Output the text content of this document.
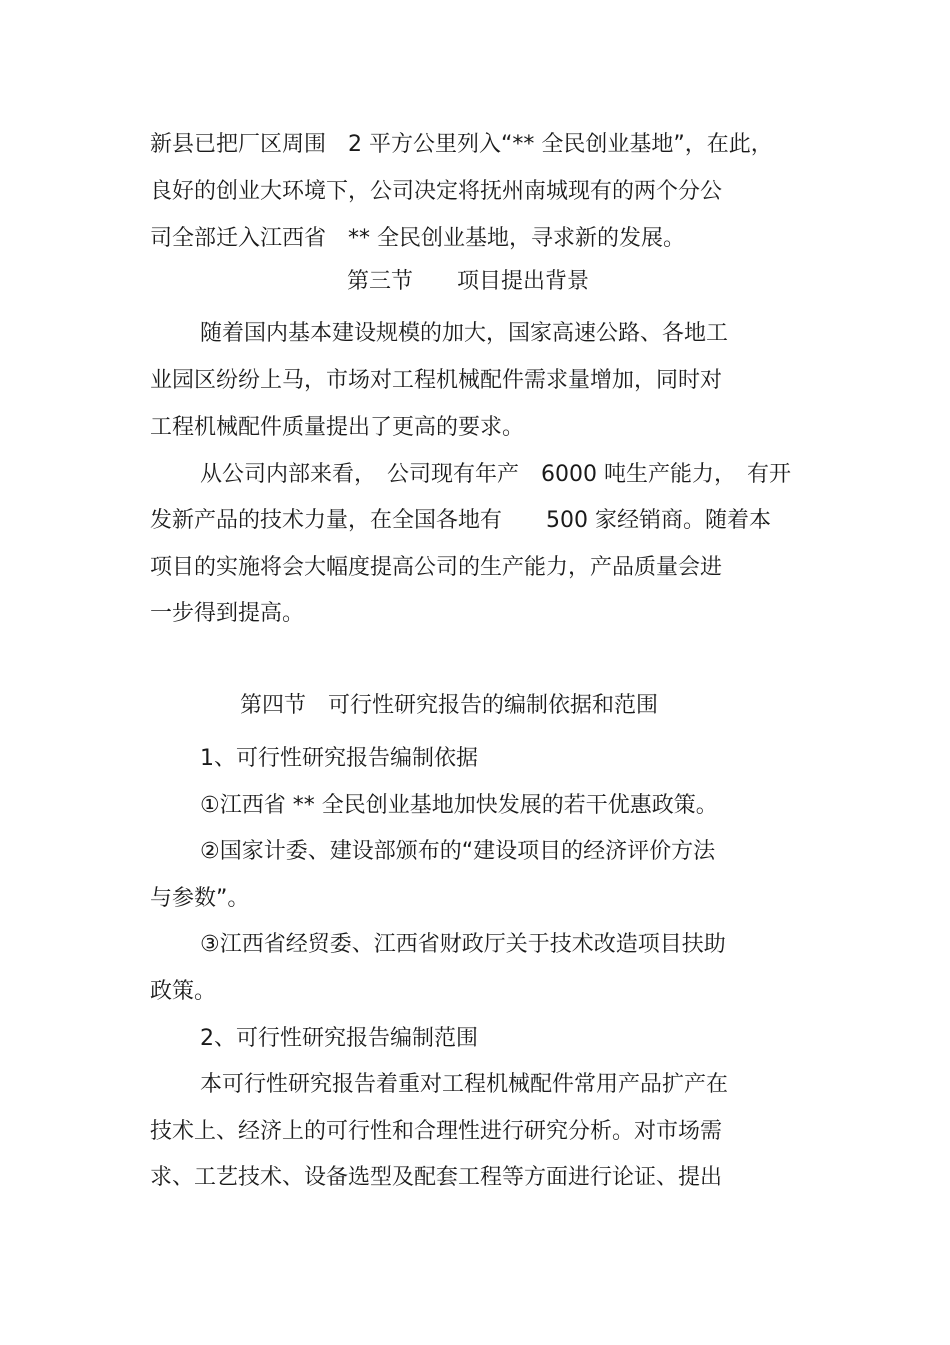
新县已把厂区周围　2 平方公里列入“** 全民创业基地”，在此，

良好的创业大环境下，公司决定将抚州南城现有的两个分公

司全部迁入江西省　** 全民创业基地，寻求新的发展。

第三节　　项目提出背景

随着国内基本建设规模的加大，国家高速公路、各地工

业园区纷纷上马，市场对工程机械配件需求量增加，同时对

工程机械配件质量提出了更高的要求。

从公司内部来看，　公司现有年产　6000 吨生产能力，　有开

发新产品的技术力量，在全国各地有　　500 家经销商。随着本

项目的实施将会大幅度提高公司的生产能力，产品质量会进

一步得到提高。

第四节　可行性研究报告的编制依据和范围

1、可行性研究报告编制依据

①江西省 ** 全民创业基地加快发展的若干优惠政策。

②国家计委、建设部颁布的“建设项目的经济评价方法

与参数”。

③江西省经贸委、江西省财政厅关于技术改造项目扶助

政策。

2、可行性研究报告编制范围

本可行性研究报告着重对工程机械配件常用产品扩产在

技术上、经济上的可行性和合理性进行研究分析。对市场需

求、工艺技术、设备选型及配套工程等方面进行论证、提出
